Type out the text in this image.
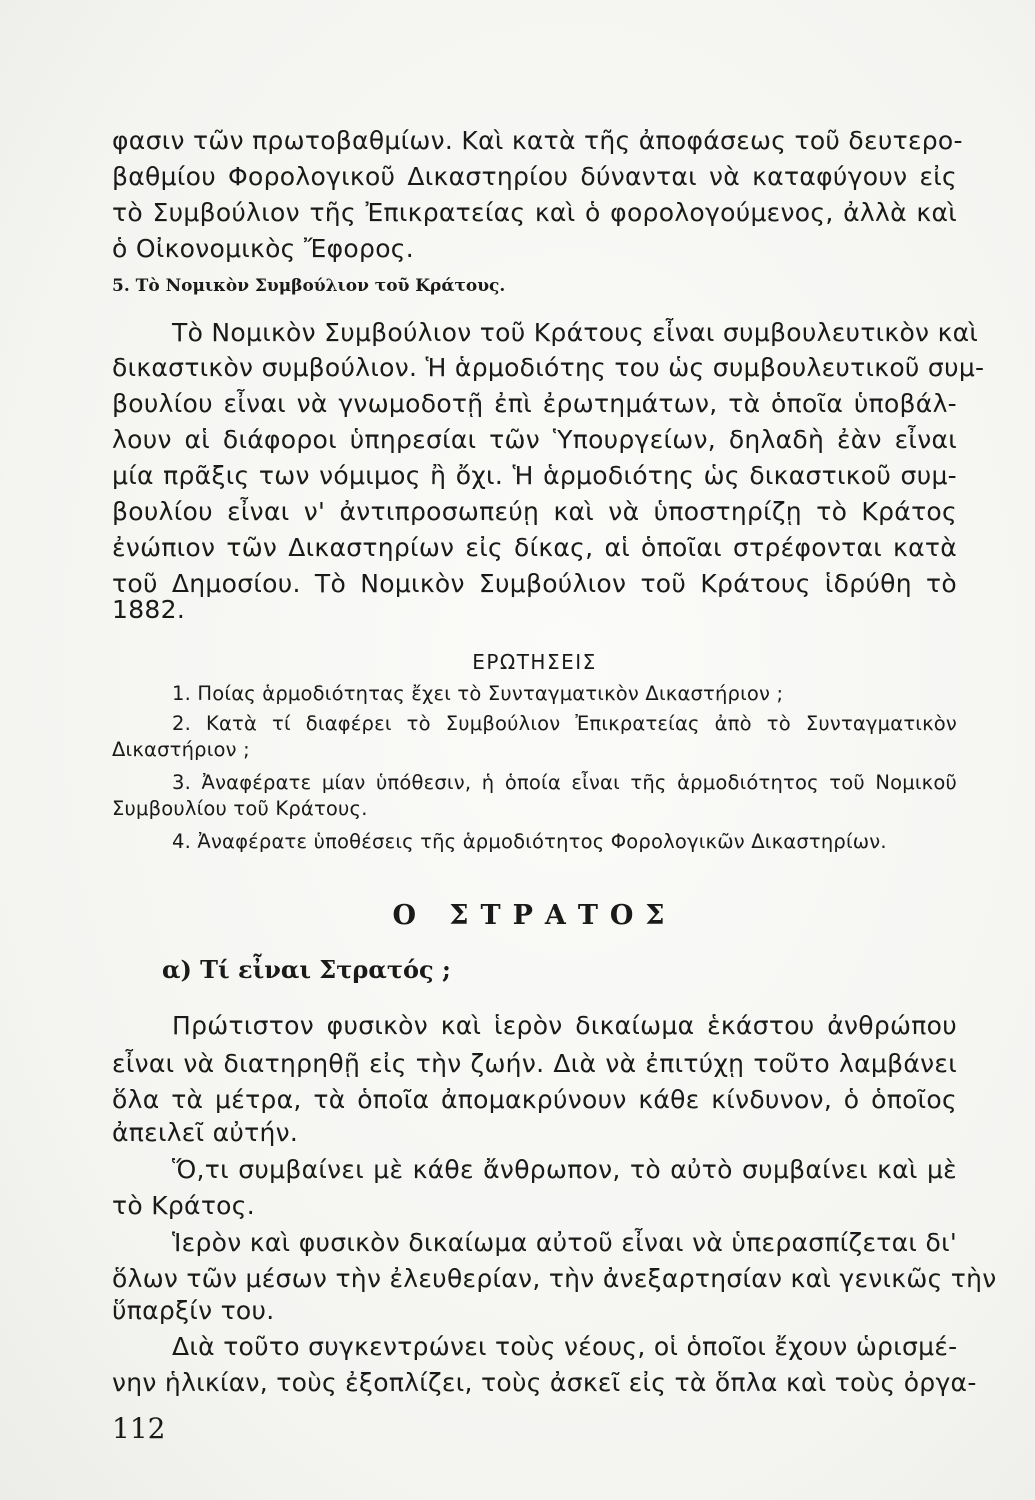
φασιν τῶν πρωτοβαθμίων. Καὶ κατὰ τῆς ἀποφάσεως τοῦ δευτερο-
βαθμίου Φορολογικοῦ Δικαστηρίου δύνανται νὰ καταφύγουν εἰς
τὸ Συμβούλιον τῆς Ἐπικρατείας καὶ ὁ φορολογούμενος, ἀλλὰ καὶ
ὁ Οἰκονομικὸς Ἔφορος.
5. Τὸ Νομικὸν Συμβούλιον τοῦ Κράτους.
Τὸ Νομικὸν Συμβούλιον τοῦ Κράτους εἶναι συμβουλευτικὸν καὶ
δικαστικὸν συμβούλιον. Ἡ ἁρμοδιότης του ὡς συμβουλευτικοῦ συμ-
βουλίου εἶναι νὰ γνωμοδοτῇ ἐπὶ ἐρωτημάτων, τὰ ὁποῖα ὑποβάλ-
λουν αἱ διάφοροι ὑπηρεσίαι τῶν Ὑπουργείων, δηλαδὴ ἐὰν εἶναι
μία πρᾶξις των νόμιμος ἢ ὄχι. Ἡ ἁρμοδιότης ὡς δικαστικοῦ συμ-
βουλίου εἶναι ν' ἀντιπροσωπεύῃ καὶ νὰ ὑποστηρίζῃ τὸ Κράτος
ἐνώπιον τῶν Δικαστηρίων εἰς δίκας, αἱ ὁποῖαι στρέφονται κατὰ
τοῦ Δημοσίου. Τὸ Νομικὸν Συμβούλιον τοῦ Κράτους ἱδρύθη τὸ
1882.
ΕΡΩΤΗΣΕΙΣ
1. Ποίας ἁρμοδιότητας ἔχει τὸ Συνταγματικὸν Δικαστήριον ;
2. Κατὰ τί διαφέρει τὸ Συμβούλιον Ἐπικρατείας ἀπὸ τὸ Συνταγματικὸν
Δικαστήριον ;
3. Ἀναφέρατε μίαν ὑπόθεσιν, ἡ ὁποία εἶναι τῆς ἁρμοδιότητος τοῦ Νομικοῦ
Συμβουλίου τοῦ Κράτους.
4. Ἀναφέρατε ὑποθέσεις τῆς ἁρμοδιότητος Φορολογικῶν Δικαστηρίων.
Ο ΣΤΡΑΤΟΣ
α) Τί εἶναι Στρατός ;
Πρώτιστον φυσικὸν καὶ ἱερὸν δικαίωμα ἑκάστου ἀνθρώπου
εἶναι νὰ διατηρηθῇ εἰς τὴν ζωήν. Διὰ νὰ ἐπιτύχῃ τοῦτο λαμβάνει
ὅλα τὰ μέτρα, τὰ ὁποῖα ἀπομακρύνουν κάθε κίνδυνον, ὁ ὁποῖος
ἀπειλεῖ αὐτήν.
Ὅ,τι συμβαίνει μὲ κάθε ἄνθρωπον, τὸ αὐτὸ συμβαίνει καὶ μὲ
τὸ Κράτος.
Ἱερὸν καὶ φυσικὸν δικαίωμα αὐτοῦ εἶναι νὰ ὑπερασπίζεται δι'
ὅλων τῶν μέσων τὴν ἐλευθερίαν, τὴν ἀνεξαρτησίαν καὶ γενικῶς τὴν
ὕπαρξίν του.
Διὰ τοῦτο συγκεντρώνει τοὺς νέους, οἱ ὁποῖοι ἔχουν ὡρισμέ-
νην ἡλικίαν, τοὺς ἐξοπλίζει, τοὺς ἀσκεῖ εἰς τὰ ὅπλα καὶ τοὺς ὀργα-
112
